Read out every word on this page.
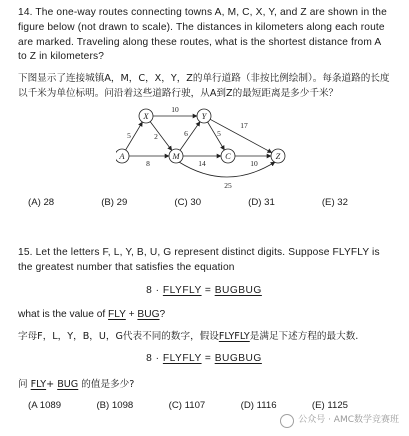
14. The one-way routes connecting towns A, M, C, X, Y, and Z are shown in the figure below (not drawn to scale). The distances in kilometers along each route are marked. Traveling along these routes, what is the shortest distance from A to Z in kilometers?

下图显示了连接城镇A，M，C，X，Y，Z的单行道路（非按比例绘制）。每条道路的长度以千米为单位标明。问沿着这些道路行驶，从A到Z的最短距离是多少千米？

10
5	2
8
6	5
17
14	10
25
X	Y
A	M	C	Z
(A) 28	(B) 29	(C) 30	(D) 31	(E) 32

15. Let the letters F, L, Y, B, U, G represent distinct digits. Suppose FLYFLY is the greatest number that satisfies the equation

8 · FLYFLY = BUGBUG

what is the value of FLY + BUG?

字母F，L，Y，B，U，G代表不同的数字，假设FLYFLY是满足下述方程的最大数.

8 · FLYFLY = BUGBUG

问 FLY+ BUG 的值是多少?

(A 1089	(B) 1098	(C) 1107	(D) 1116	(E) 1125
公众号 · AMC数学竞赛班
